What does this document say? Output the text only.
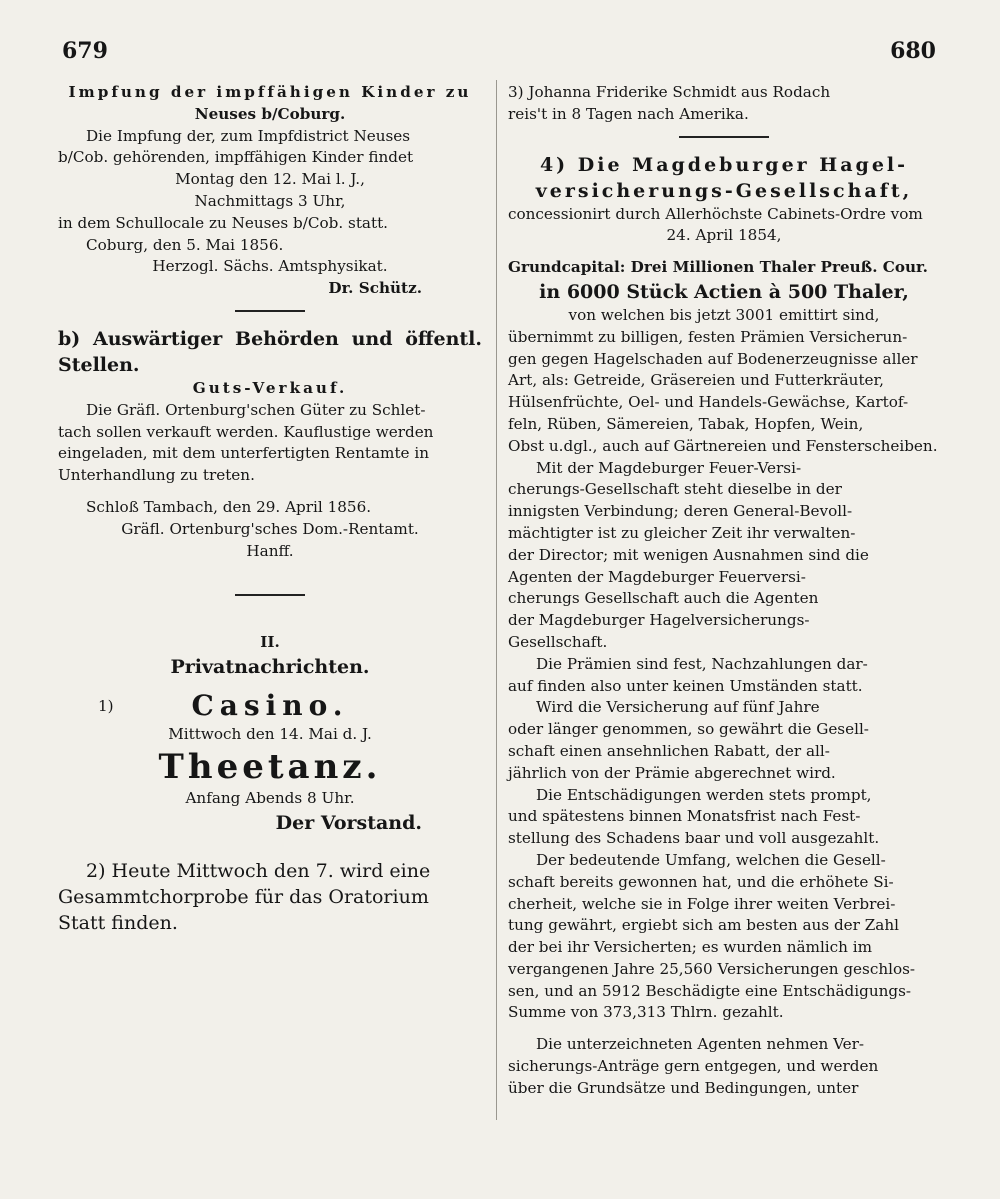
679	680

Impfung der impffähigen Kinder zu

Neuses b/Coburg.

Die Impfung der, zum Impfdistrict Neuses

b/Cob. gehörenden, impffähigen Kinder findet

Montag den 12. Mai l. J.,

Nachmittags 3 Uhr,

in dem Schullocale zu Neuses b/Cob. statt.

Coburg, den 5. Mai 1856.

Herzogl. Sächs. Amtsphysikat.

Dr. Schütz.

b) Auswärtiger Behörden und öffentl. Stellen.

Guts-Verkauf.

Die Gräfl. Ortenburg'schen Güter zu Schlet-

tach sollen verkauft werden. Kauflustige werden

eingeladen, mit dem unterfertigten Rentamte in

Unterhandlung zu treten.

Schloß Tambach, den 29. April 1856.

Gräfl. Ortenburg'sches Dom.-Rentamt.

Hanff.

II.

Privatnachrichten.

1)	Casino.

Mittwoch den 14. Mai d. J.

Theetanz.

Anfang Abends 8 Uhr.

Der Vorstand.

2) Heute Mittwoch den 7. wird eine

Gesammtchorprobe für das Oratorium

Statt finden.

3) Johanna Friderike Schmidt aus Rodach

reis't in 8 Tagen nach Amerika.

4) Die Magdeburger Hagel-

versicherungs-Gesellschaft,

concessionirt durch Allerhöchste Cabinets-Ordre vom

24. April 1854,

Grundcapital: Drei Millionen Thaler Preuß. Cour.

in 6000 Stück Actien à 500 Thaler,

von welchen bis jetzt 3001 emittirt sind,

übernimmt zu billigen, festen Prämien Versicherun-

gen gegen Hagelschaden auf Bodenerzeugnisse aller

Art, als: Getreide, Gräsereien und Futterkräuter,

Hülsenfrüchte, Oel- und Handels-Gewächse, Kartof-

feln, Rüben, Sämereien, Tabak, Hopfen, Wein,

Obst u.dgl., auch auf Gärtnereien und Fensterscheiben.

Mit der Magdeburger Feuer-Versi-

cherungs-Gesellschaft steht dieselbe in der

innigsten Verbindung; deren General-Bevoll-

mächtigter ist zu gleicher Zeit ihr verwalten-

der Director; mit wenigen Ausnahmen sind die

Agenten der Magdeburger Feuerversi-

cherungs Gesellschaft auch die Agenten

der Magdeburger Hagelversicherungs-

Gesellschaft.

Die Prämien sind fest, Nachzahlungen dar-

auf finden also unter keinen Umständen statt.

Wird die Versicherung auf fünf Jahre

oder länger genommen, so gewährt die Gesell-

schaft einen ansehnlichen Rabatt, der all-

jährlich von der Prämie abgerechnet wird.

Die Entschädigungen werden stets prompt,

und spätestens binnen Monatsfrist nach Fest-

stellung des Schadens baar und voll ausgezahlt.

Der bedeutende Umfang, welchen die Gesell-

schaft bereits gewonnen hat, und die erhöhete Si-

cherheit, welche sie in Folge ihrer weiten Verbrei-

tung gewährt, ergiebt sich am besten aus der Zahl

der bei ihr Versicherten; es wurden nämlich im

vergangenen Jahre 25,560 Versicherungen geschlos-

sen, und an 5912 Beschädigte eine Entschädigungs-

Summe von 373,313 Thlrn. gezahlt.

Die unterzeichneten Agenten nehmen Ver-

sicherungs-Anträge gern entgegen, und werden

über die Grundsätze und Bedingungen, unter
